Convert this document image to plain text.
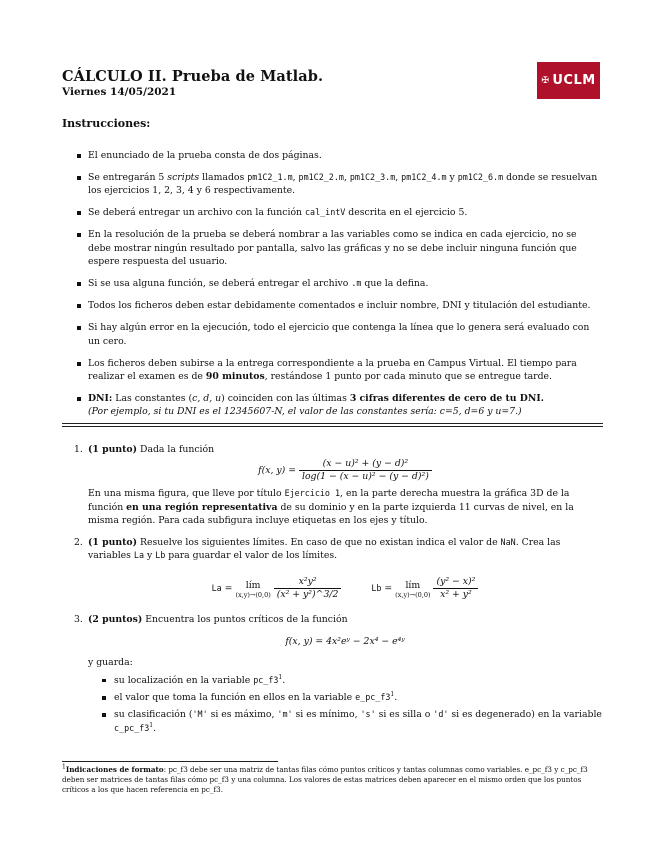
CÁLCULO II. Prueba de Matlab.
Viernes 14/05/2021
✠ UCLM
Instrucciones:
El enunciado de la prueba consta de dos páginas.
Se entregarán 5 scripts llamados pm1C2_1.m, pm1C2_2.m, pm1C2_3.m, pm1C2_4.m y pm1C2_6.m donde se resuelvan los ejercicios 1, 2, 3, 4 y 6 respectivamente.
Se deberá entregar un archivo con la función cal_intV descrita en el ejercicio 5.
En la resolución de la prueba se deberá nombrar a las variables como se indica en cada ejercicio, no se debe mostrar ningún resultado por pantalla, salvo las gráficas y no se debe incluir ninguna función que espere respuesta del usuario.
Si se usa alguna función, se deberá entregar el archivo .m que la defina.
Todos los ficheros deben estar debidamente comentados e incluir nombre, DNI y titulación del estudiante.
Si hay algún error en la ejecución, todo el ejercicio que contenga la línea que lo genera será evaluado con un cero.
Los ficheros deben subirse a la entrega correspondiente a la prueba en Campus Virtual. El tiempo para realizar el examen es de 90 minutos, restándose 1 punto por cada minuto que se entregue tarde.
DNI: Las constantes (c, d, u) coinciden con las últimas 3 cifras diferentes de cero de tu DNI.
(Por ejemplo, si tu DNI es el 12345607-N, el valor de las constantes sería: c=5, d=6 y u=7.)
1. (1 punto) Dada la función
f(x, $y) = \frac{\text{(x − u)² + (y − d)²}}{\text{log(1 − (x − u)² − (y − d)²)}}$
En una misma figura, que lleve por título Ejercicio 1, en la parte derecha muestra la gráfica 3D de la función en una región representativa de su dominio y en la parte izquierda 11 curvas de nivel, en la misma región. Para cada subfigura incluye etiquetas en los ejes y título.
2. (1 punto) Resuelve los siguientes límites. En caso de que no existan indica el valor de NaN. Crea las variables La y Lb para guardar el valor de los límites.
La = lím
(x,y)→(0,0)
$\frac{\text{x²y²}}{\text{(x² + y²)\textasciicircum{}3/2}}$	Lb = lím
(x,y)→(0,0)
$\frac{\text{(y² − x)²}}{\text{x² + y²}}$
3. (2 puntos) Encuentra los puntos críticos de la función
f(x, y) = 4x²eʸ − 2x⁴ − e⁴ʸ
y guarda:
su localización en la variable $pc\_f3^1$.
el valor que toma la función en ellos en la variable $e\_pc\_f3^1$.
su clasificación ('M' si es máximo, 'm' si es mínimo, 's' si es silla o 'd' si es degenerado) en la variable $c\_pc\_f3^1$.
$^1$Indicaciones de formato: pc_f3 debe ser una matriz de tantas filas cómo puntos críticos y tantas columnas como variables. e_pc_f3 y c_pc_f3 deben ser matrices de tantas filas cómo pc_f3 y una columna. Los valores de estas matrices deben aparecer en el mismo orden que los puntos críticos a los que hacen referencia en pc_f3.
